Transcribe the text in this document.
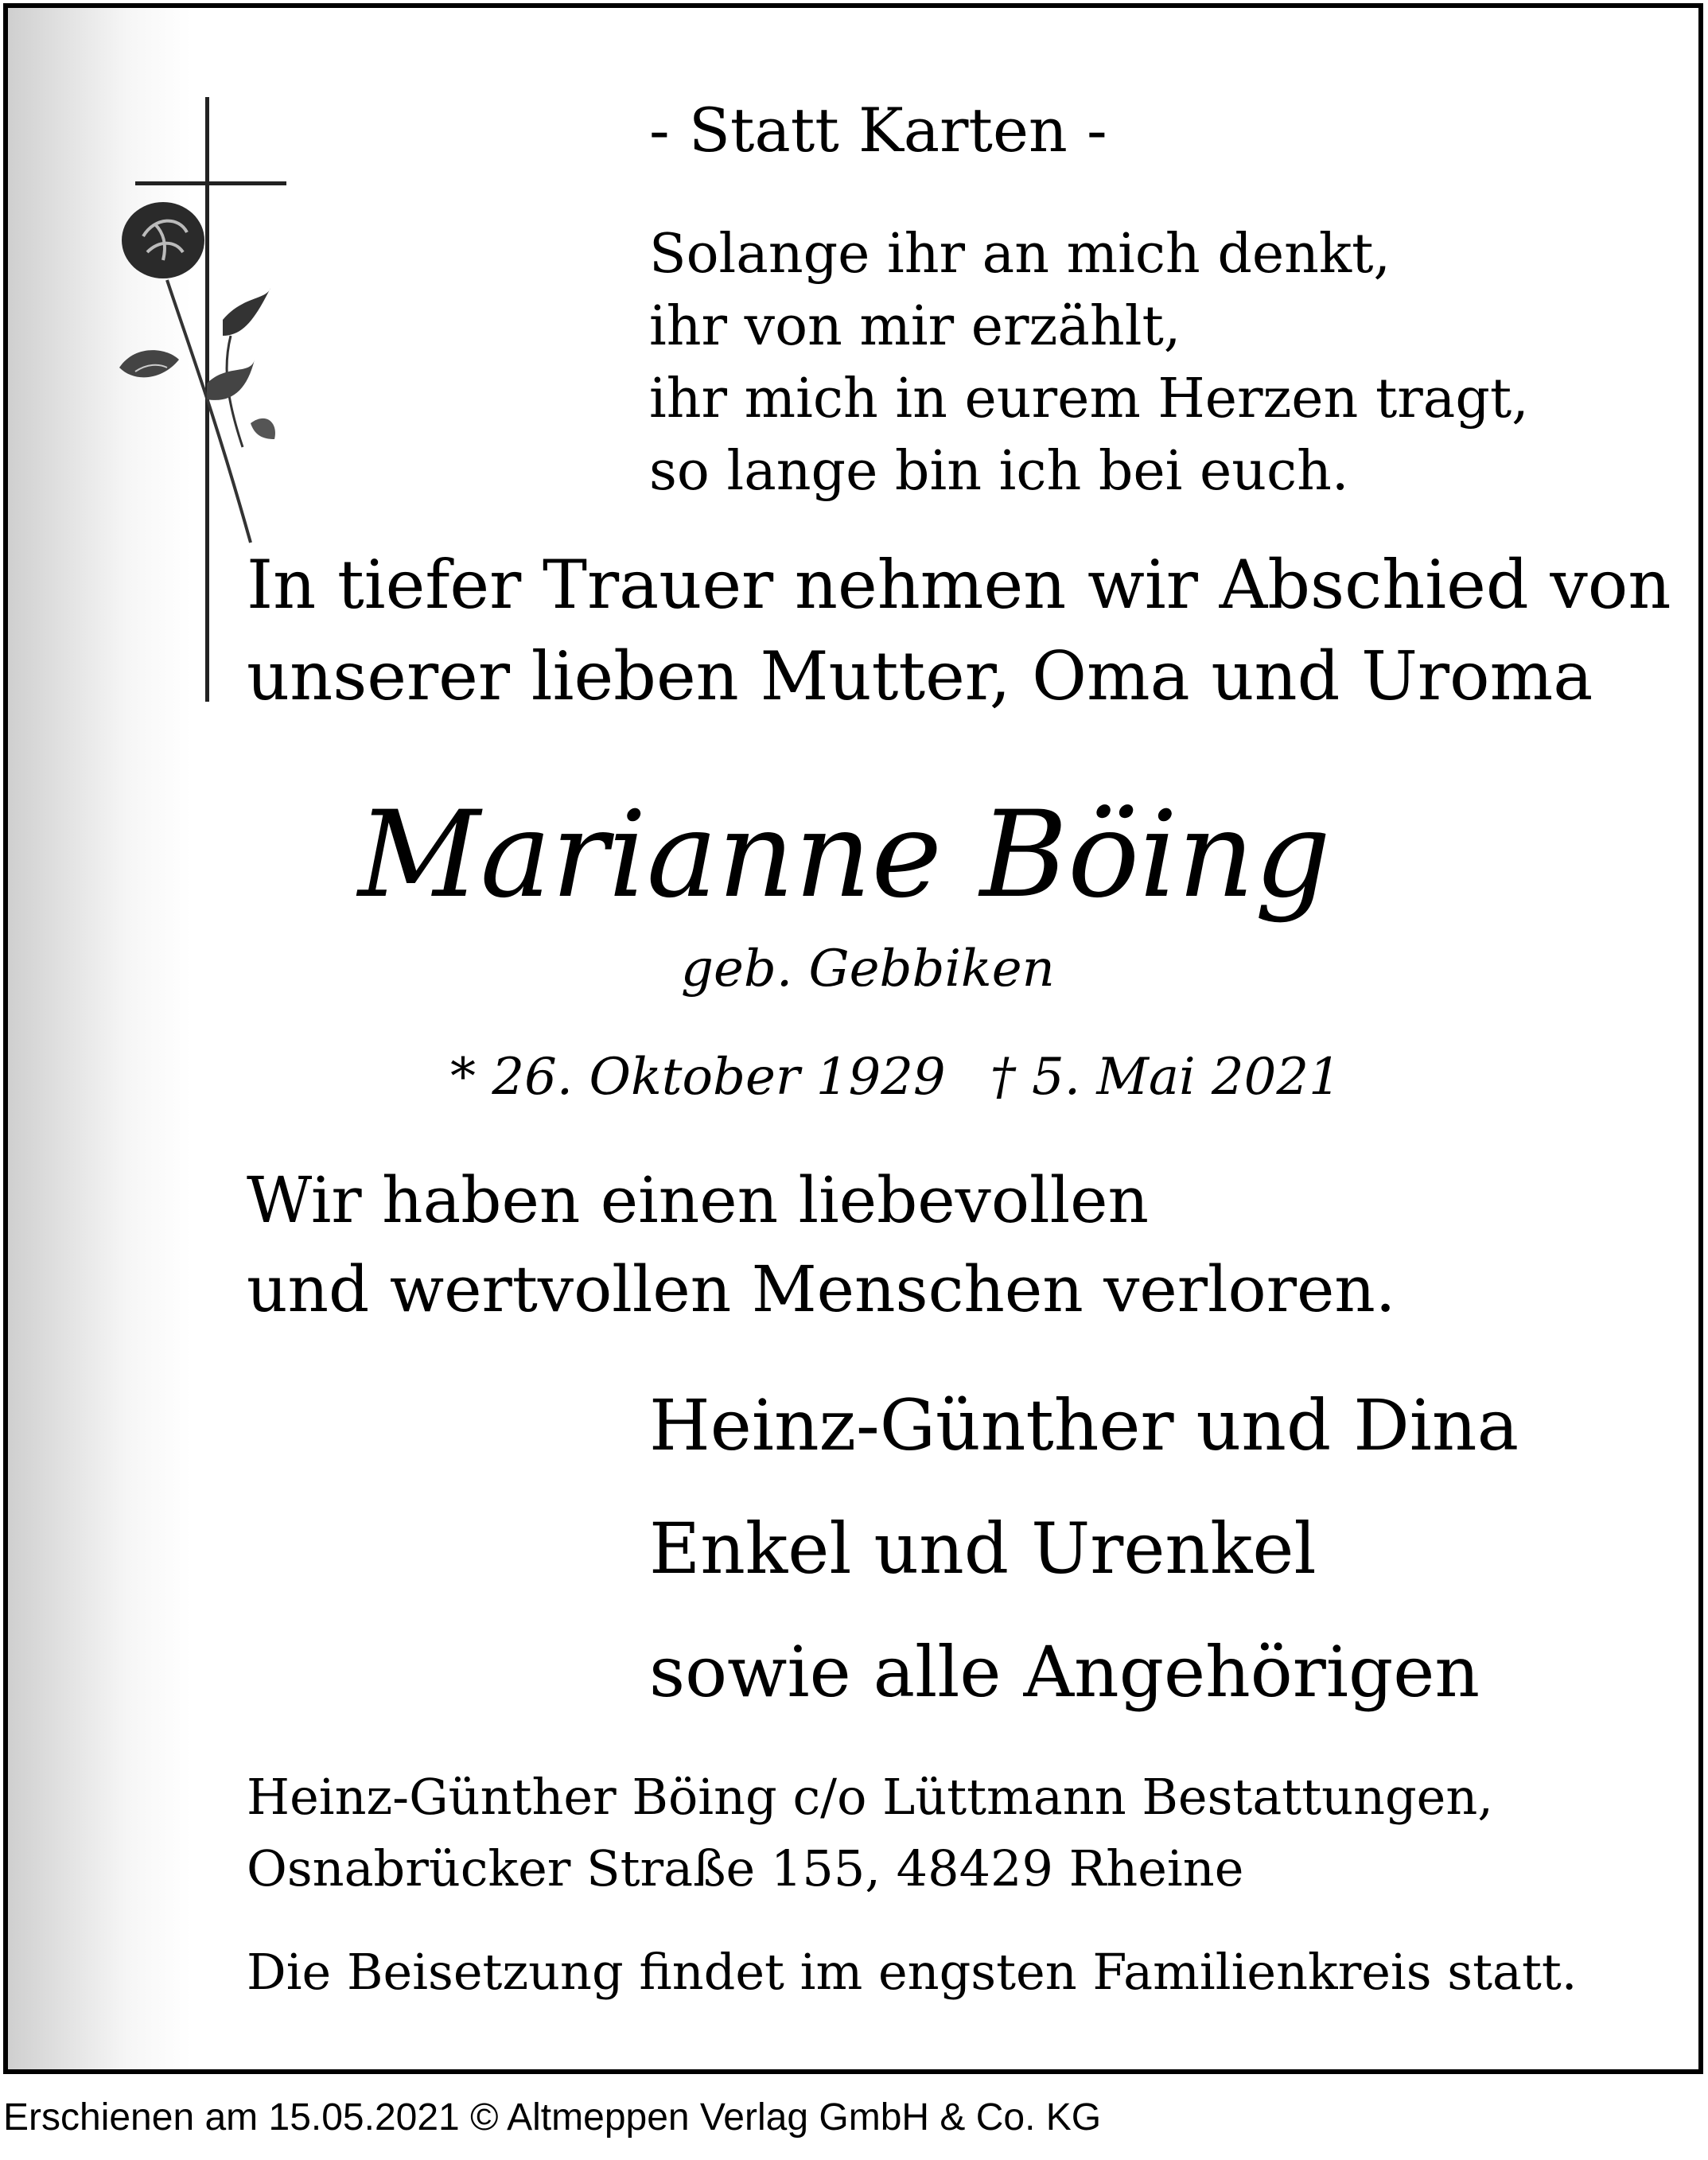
- Statt Karten -
Solange ihr an mich denkt,
ihr von mir erzählt,
ihr mich in eurem Herzen tragt,
so lange bin ich bei euch.
In tiefer Trauer nehmen wir Abschied von
unserer lieben Mutter, Oma und Uroma
Marianne Böing
geb. Gebbiken
* 26. Oktober 1929 † 5. Mai 2021
Wir haben einen liebevollen
und wertvollen Menschen verloren.
Heinz-Günther und Dina
Enkel und Urenkel
sowie alle Angehörigen
Heinz-Günther Böing c/o Lüttmann Bestattungen,
Osnabrücker Straße 155, 48429 Rheine
Die Beisetzung findet im engsten Familienkreis statt.
Erschienen am 15.05.2021 © Altmeppen Verlag GmbH & Co. KG
